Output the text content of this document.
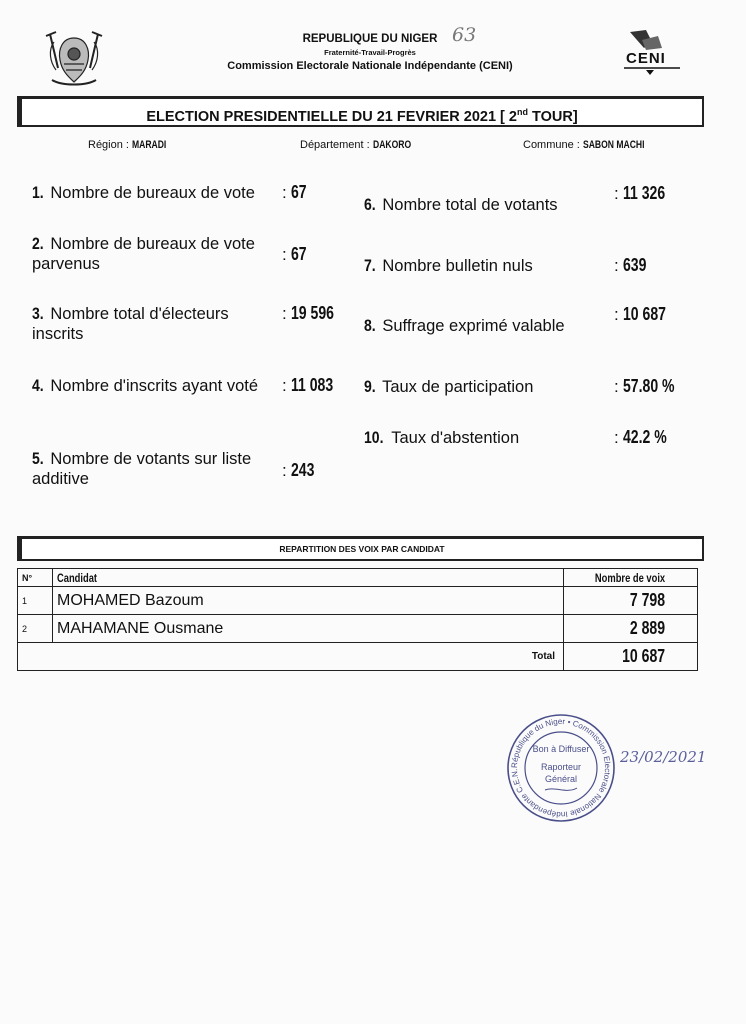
REPUBLIQUE DU NIGER
Fraternité-Travail-Progrès
Commission Electorale Nationale Indépendante (CENI)
63
CENI
ELECTION PRESIDENTIELLE DU 21 FEVRIER 2021 [ 2nd TOUR]
Région : MARADI	Département : DAKORO	Commune : SABON MACHI
1. Nombre de bureaux de vote	: 67
2. Nombre de bureaux de vote parvenus	: 67
3. Nombre total d'électeurs inscrits
: 19 596
4. Nombre d'inscrits ayant voté	: 11 083
5. Nombre de votants sur liste additive	: 243
6. Nombre total de votants
: 11 326
7. Nombre bulletin nuls	: 639
8. Suffrage exprimé valable
: 10 687
9. Taux de participation	: 57.80 %
10. Taux d'abstention	: 42.2 %
REPARTITION DES VOIX PAR CANDIDAT
N°	Candidat	Nombre de voix
1	MOHAMED Bazoum	7 798
2	MAHAMANE Ousmane	2 889
Total		10 687
République du Niger • Commission Electorale Nationale Indépendante C.E.N.
Bon à Diffuser
Raporteur
Général
23/02/2021
